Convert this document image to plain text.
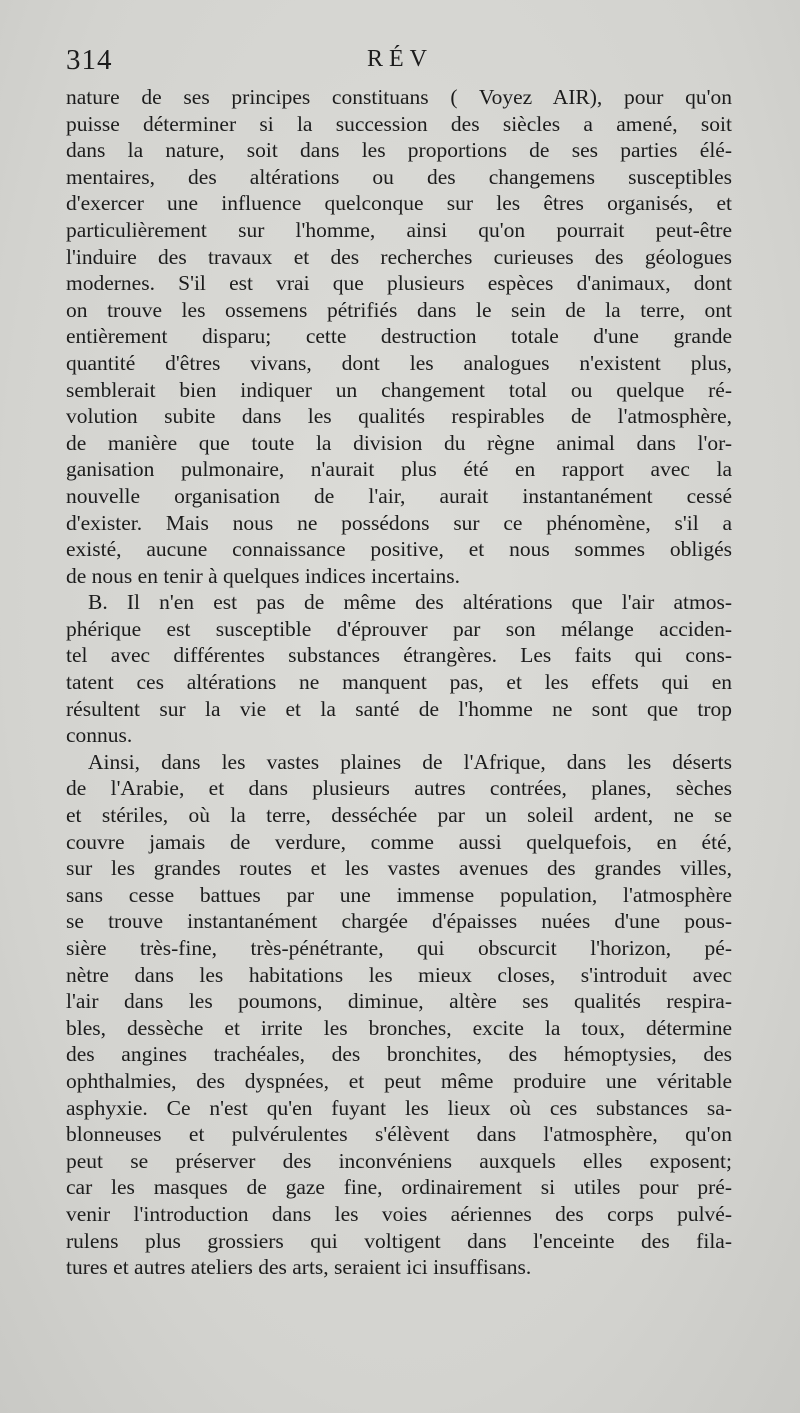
314	RÉV
nature de ses principes constituans ( Voyez AIR), pour qu'on
puisse déterminer si la succession des siècles a amené, soit
dans la nature, soit dans les proportions de ses parties élé-
mentaires, des altérations ou des changemens susceptibles
d'exercer une influence quelconque sur les êtres organisés, et
particulièrement sur l'homme, ainsi qu'on pourrait peut-être
l'induire des travaux et des recherches curieuses des géologues
modernes. S'il est vrai que plusieurs espèces d'animaux, dont
on trouve les ossemens pétrifiés dans le sein de la terre, ont
entièrement disparu; cette destruction totale d'une grande
quantité d'êtres vivans, dont les analogues n'existent plus,
semblerait bien indiquer un changement total ou quelque ré-
volution subite dans les qualités respirables de l'atmosphère,
de manière que toute la division du règne animal dans l'or-
ganisation pulmonaire, n'aurait plus été en rapport avec la
nouvelle organisation de l'air, aurait instantanément cessé
d'exister. Mais nous ne possédons sur ce phénomène, s'il a
existé, aucune connaissance positive, et nous sommes obligés
de nous en tenir à quelques indices incertains.
B. Il n'en est pas de même des altérations que l'air atmos-
phérique est susceptible d'éprouver par son mélange acciden-
tel avec différentes substances étrangères. Les faits qui cons-
tatent ces altérations ne manquent pas, et les effets qui en
résultent sur la vie et la santé de l'homme ne sont que trop
connus.
Ainsi, dans les vastes plaines de l'Afrique, dans les déserts
de l'Arabie, et dans plusieurs autres contrées, planes, sèches
et stériles, où la terre, desséchée par un soleil ardent, ne se
couvre jamais de verdure, comme aussi quelquefois, en été,
sur les grandes routes et les vastes avenues des grandes villes,
sans cesse battues par une immense population, l'atmosphère
se trouve instantanément chargée d'épaisses nuées d'une pous-
sière très-fine, très-pénétrante, qui obscurcit l'horizon, pé-
nètre dans les habitations les mieux closes, s'introduit avec
l'air dans les poumons, diminue, altère ses qualités respira-
bles, dessèche et irrite les bronches, excite la toux, détermine
des angines trachéales, des bronchites, des hémoptysies, des
ophthalmies, des dyspnées, et peut même produire une véritable
asphyxie. Ce n'est qu'en fuyant les lieux où ces substances sa-
blonneuses et pulvérulentes s'élèvent dans l'atmosphère, qu'on
peut se préserver des inconvéniens auxquels elles exposent;
car les masques de gaze fine, ordinairement si utiles pour pré-
venir l'introduction dans les voies aériennes des corps pulvé-
rulens plus grossiers qui voltigent dans l'enceinte des fila-
tures et autres ateliers des arts, seraient ici insuffisans.
